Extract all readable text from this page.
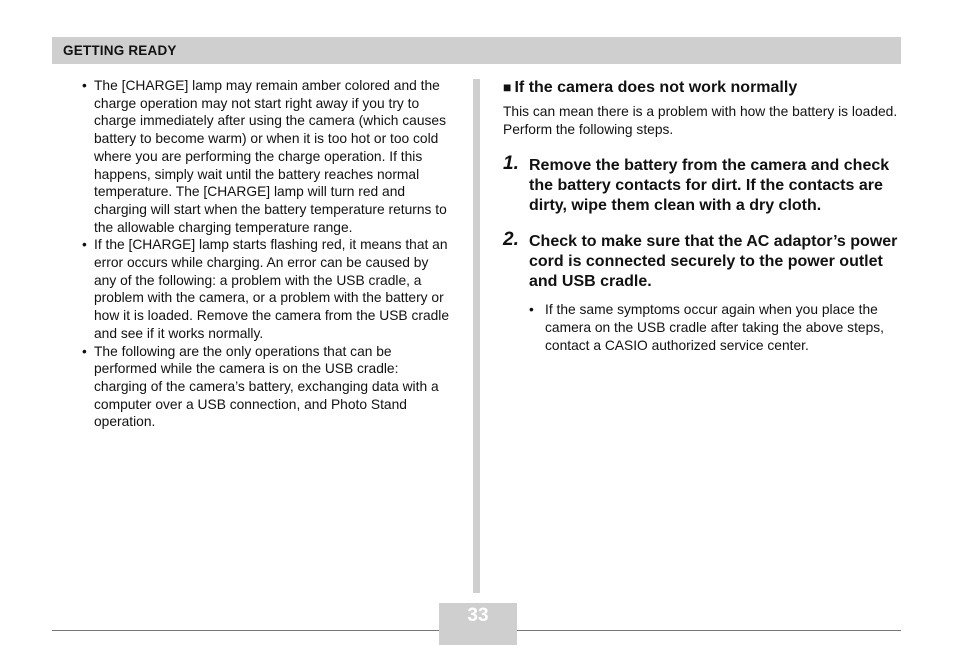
GETTING READY

• The [CHARGE] lamp may remain amber colored and the charge operation may not start right away if you try to charge immediately after using the camera (which causes battery to become warm) or when it is too hot or too cold where you are performing the charge operation. If this happens, simply wait until the battery reaches normal temperature. The [CHARGE] lamp will turn red and charging will start when the battery temperature returns to the allowable charging temperature range.

• If the [CHARGE] lamp starts flashing red, it means that an error occurs while charging. An error can be caused by any of the following: a problem with the USB cradle, a problem with the camera, or a problem with the battery or how it is loaded. Remove the camera from the USB cradle and see if it works normally.

• The following are the only operations that can be performed while the camera is on the USB cradle: charging of the camera’s battery, exchanging data with a computer over a USB connection, and Photo Stand operation.

■ If the camera does not work normally

This can mean there is a problem with how the battery is loaded. Perform the following steps.

1. Remove the battery from the camera and check the battery contacts for dirt. If the contacts are dirty, wipe them clean with a dry cloth.
2. Check to make sure that the AC adaptor’s power cord is connected securely to the power outlet and USB cradle.
• If the same symptoms occur again when you place the camera on the USB cradle after taking the above steps, contact a CASIO authorized service center.
33
